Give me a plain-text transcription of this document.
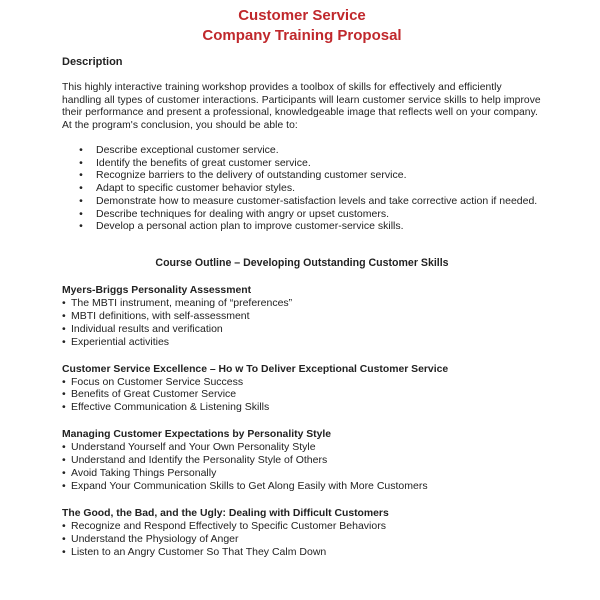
Customer Service
Company Training Proposal
Description
This highly interactive training workshop provides a toolbox of skills for effectively and efficiently handling all types of customer interactions. Participants will learn customer service skills to help improve their performance and present a professional, knowledgeable image that reflects well on your company. At the program's conclusion, you should be able to:
•	Describe exceptional customer service.
•	Identify the benefits of great customer service.
•	Recognize barriers to the delivery of outstanding customer service.
•	Adapt to specific customer behavior styles.
•	Demonstrate how to measure customer-satisfaction levels and take corrective action if needed.
•	Describe techniques for dealing with angry or upset customers.
•	Develop a personal action plan to improve customer-service skills.
Course Outline – Developing Outstanding Customer Skills
Myers-Briggs Personality Assessment
• The MBTI instrument, meaning of “preferences”
• MBTI definitions, with self-assessment
• Individual results and verification
• Experiential activities
Customer Service Excellence – Ho w To Deliver Exceptional Customer Service
• Focus on Customer Service Success
• Benefits of Great Customer Service
• Effective Communication & Listening Skills
Managing Customer Expectations by Personality Style
• Understand Yourself and Your Own Personality Style
• Understand and Identify the Personality Style of Others
• Avoid Taking Things Personally
• Expand Your Communication Skills to Get Along Easily with More Customers
The Good, the Bad, and the Ugly: Dealing with Difficult Customers
• Recognize and Respond Effectively to Specific Customer Behaviors
• Understand the Physiology of Anger
• Listen to an Angry Customer So That They Calm Down
